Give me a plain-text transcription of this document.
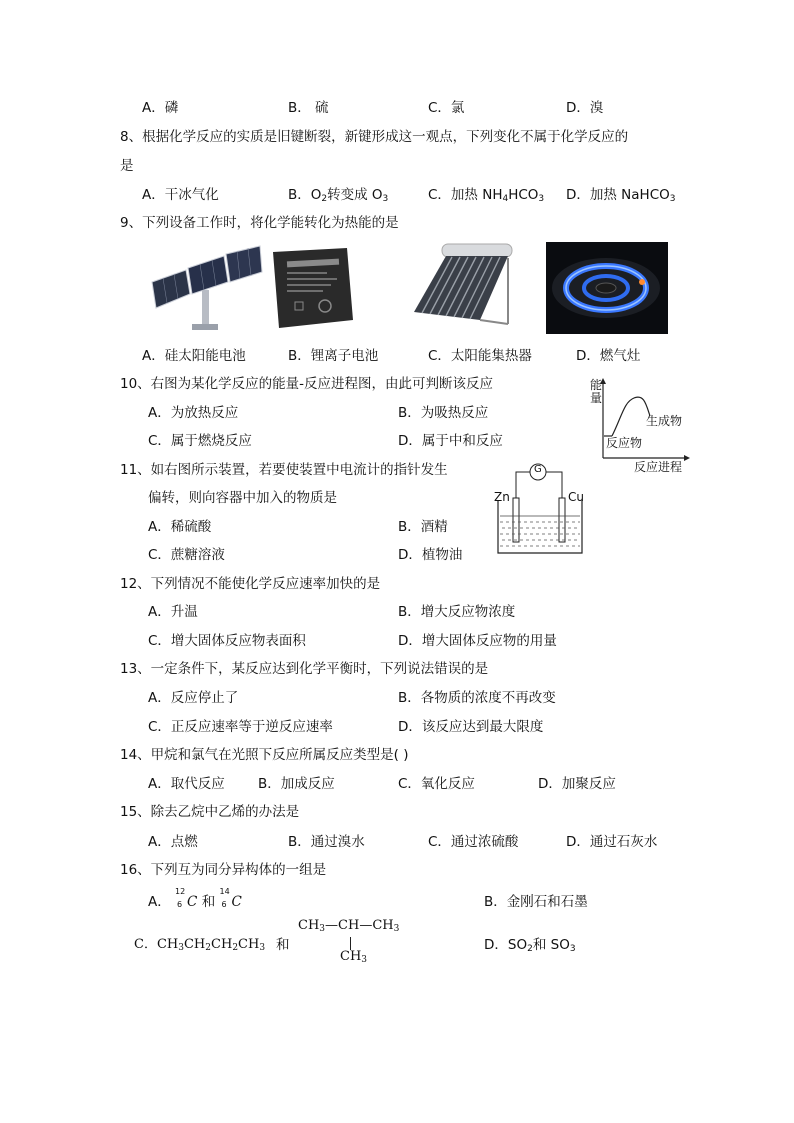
A．磷	B． 硫	C．氯	D．溴
8、根据化学反应的实质是旧键断裂，新键形成这一观点，下列变化不属于化学反应的
是
A．干冰气化	B．$O_2$转变成 $O_3$	C．加热 $NH_4HCO_3$ D．加热 NaHCO$_3$
9、下列设备工作时，将化学能转化为热能的是
A．硅太阳能电池	B．锂离子电池	C．太阳能集热器	D．燃气灶
10、右图为某化学反应的能量-反应进程图，由此可判断该反应
A．为放热反应	B．为吸热反应
C．属于燃烧反应	D．属于中和反应
能
量
生成物
反应物
反应进程
11、如右图所示装置，若要使装置中电流计的指针发生
偏转，则向容器中加入的物质是
A．稀硫酸	B．酒精
C．蔗糖溶液	D．植物油
G
Zn	Cu
12、下列情况不能使化学反应速率加快的是
A．升温	B．增大反应物浓度
C．增大固体反应物表面积	D．增大固体反应物的用量
13、一定条件下，某反应达到化学平衡时，下列说法错误的是
A．反应停止了	B．各物质的浓度不再改变
C．正反应速率等于逆反应速率	D．该反应达到最大限度
14、甲烷和氯气在光照下反应所属反应类型是( )
A．取代反应 B．加成反应	C．氧化反应	D．加聚反应
15、除去乙烷中乙烯的办法是
A．点燃	B．通过溴水	C．通过浓硫酸	D．通过石灰水
16、下列互为同分异构体的一组是
A．
12
6 C 和
14
6 C	B．金刚石和石墨
C．$CH_3CH_2CH_2CH_3$ 和
$CH_3—CH—CH_3$
$CH_3$
D．$SO_2$和 $SO_3$
